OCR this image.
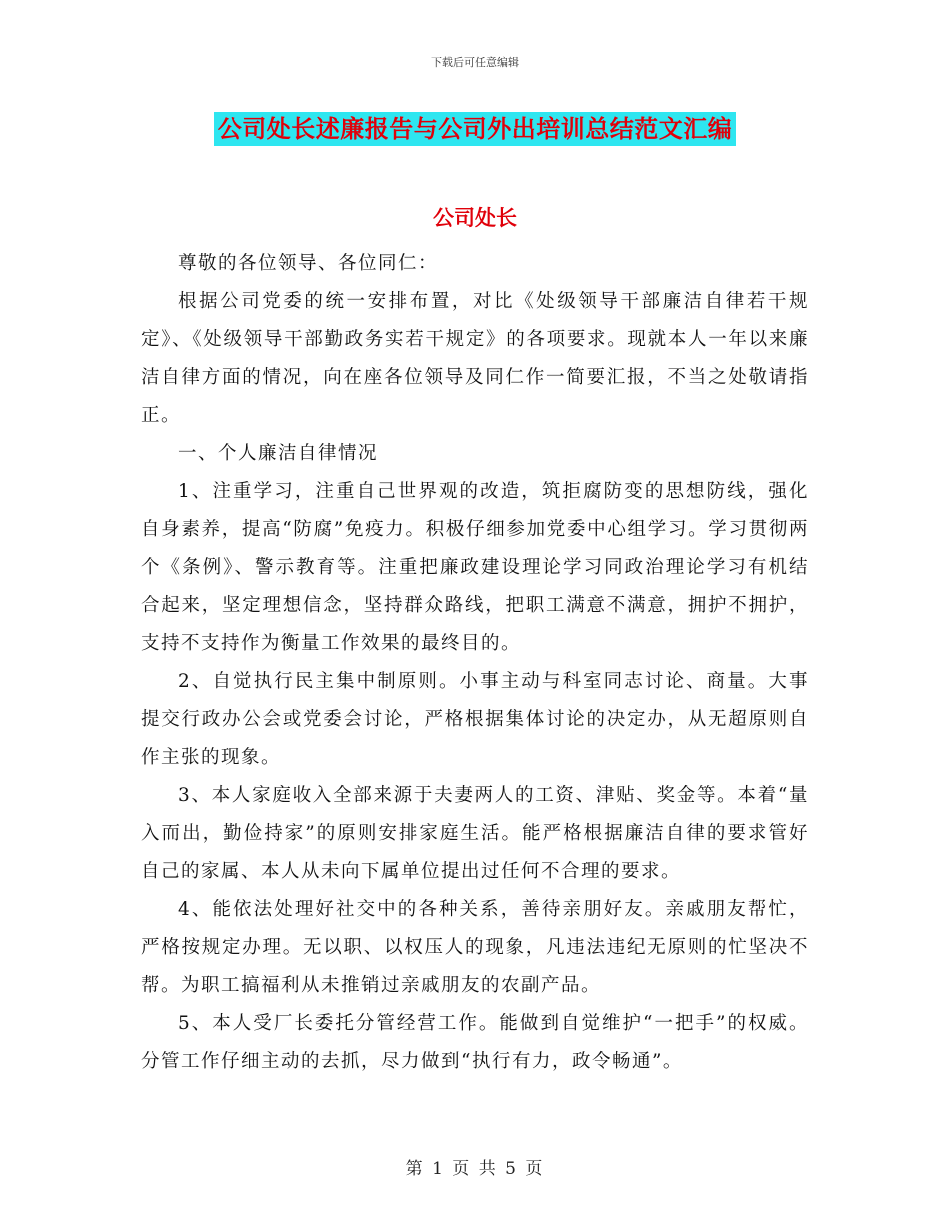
下载后可任意编辑
公司处长述廉报告与公司外出培训总结范文汇编
公司处长

尊敬的各位领导、各位同仁：

根据公司党委的统一安排布置，对比《处级领导干部廉洁自律若干规定》、《处级领导干部勤政务实若干规定》的各项要求。现就本人一年以来廉洁自律方面的情况，向在座各位领导及同仁作一简要汇报，不当之处敬请指正。

一、个人廉洁自律情况

1、注重学习，注重自己世界观的改造，筑拒腐防变的思想防线，强化自身素养，提高“防腐”免疫力。积极仔细参加党委中心组学习。学习贯彻两个《条例》、警示教育等。注重把廉政建设理论学习同政治理论学习有机结合起来，坚定理想信念，坚持群众路线，把职工满意不满意，拥护不拥护，支持不支持作为衡量工作效果的最终目的。

2、自觉执行民主集中制原则。小事主动与科室同志讨论、商量。大事提交行政办公会或党委会讨论，严格根据集体讨论的决定办，从无超原则自作主张的现象。

3、本人家庭收入全部来源于夫妻两人的工资、津贴、奖金等。本着“量入而出，勤俭持家”的原则安排家庭生活。能严格根据廉洁自律的要求管好自己的家属、本人从未向下属单位提出过任何不合理的要求。

4、能依法处理好社交中的各种关系，善待亲朋好友。亲戚朋友帮忙，严格按规定办理。无以职、以权压人的现象，凡违法违纪无原则的忙坚决不帮。为职工搞福利从未推销过亲戚朋友的农副产品。

5、本人受厂长委托分管经营工作。能做到自觉维护“一把手”的权威。分管工作仔细主动的去抓，尽力做到“执行有力，政令畅通”。

第 1 页 共 5 页
